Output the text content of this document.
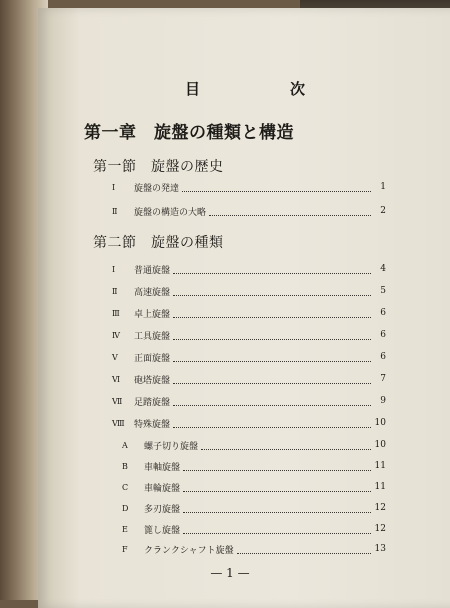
目	次
第一章　旋盤の種類と構造
第一節　旋盤の歴史
Ⅰ	旋盤の発達	1
Ⅱ	旋盤の構造の大略	2
第二節　旋盤の種類
Ⅰ	普通旋盤	4
Ⅱ	高速旋盤	5
Ⅲ	卓上旋盤	6
Ⅳ	工具旋盤	6
Ⅴ	正面旋盤	6
Ⅵ	砲塔旋盤	7
Ⅶ	足踏旋盤	9
Ⅷ	特殊旋盤	10
A	螺子切り旋盤	10
B	車軸旋盤	11
C	車輪旋盤	11
D	多刃旋盤	12
E	篦し旋盤	12
F	クランクシャフト旋盤	13
— 1 —
